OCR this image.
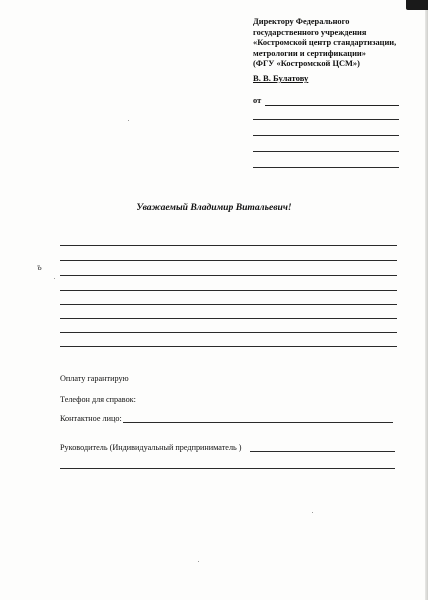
Директору Федерального
государственного учреждения
«Костромской центр стандартизации,
метрологии и сертификации»
(ФГУ «Костромской ЦСМ»)
В. В. Булатову
от
Уважаемый Владимир Витальевич!
ъ
Оплату гарантирую
Телефон для справок:
Контактное лицо:
Руководитель (Индивидуальный предприниматель )
